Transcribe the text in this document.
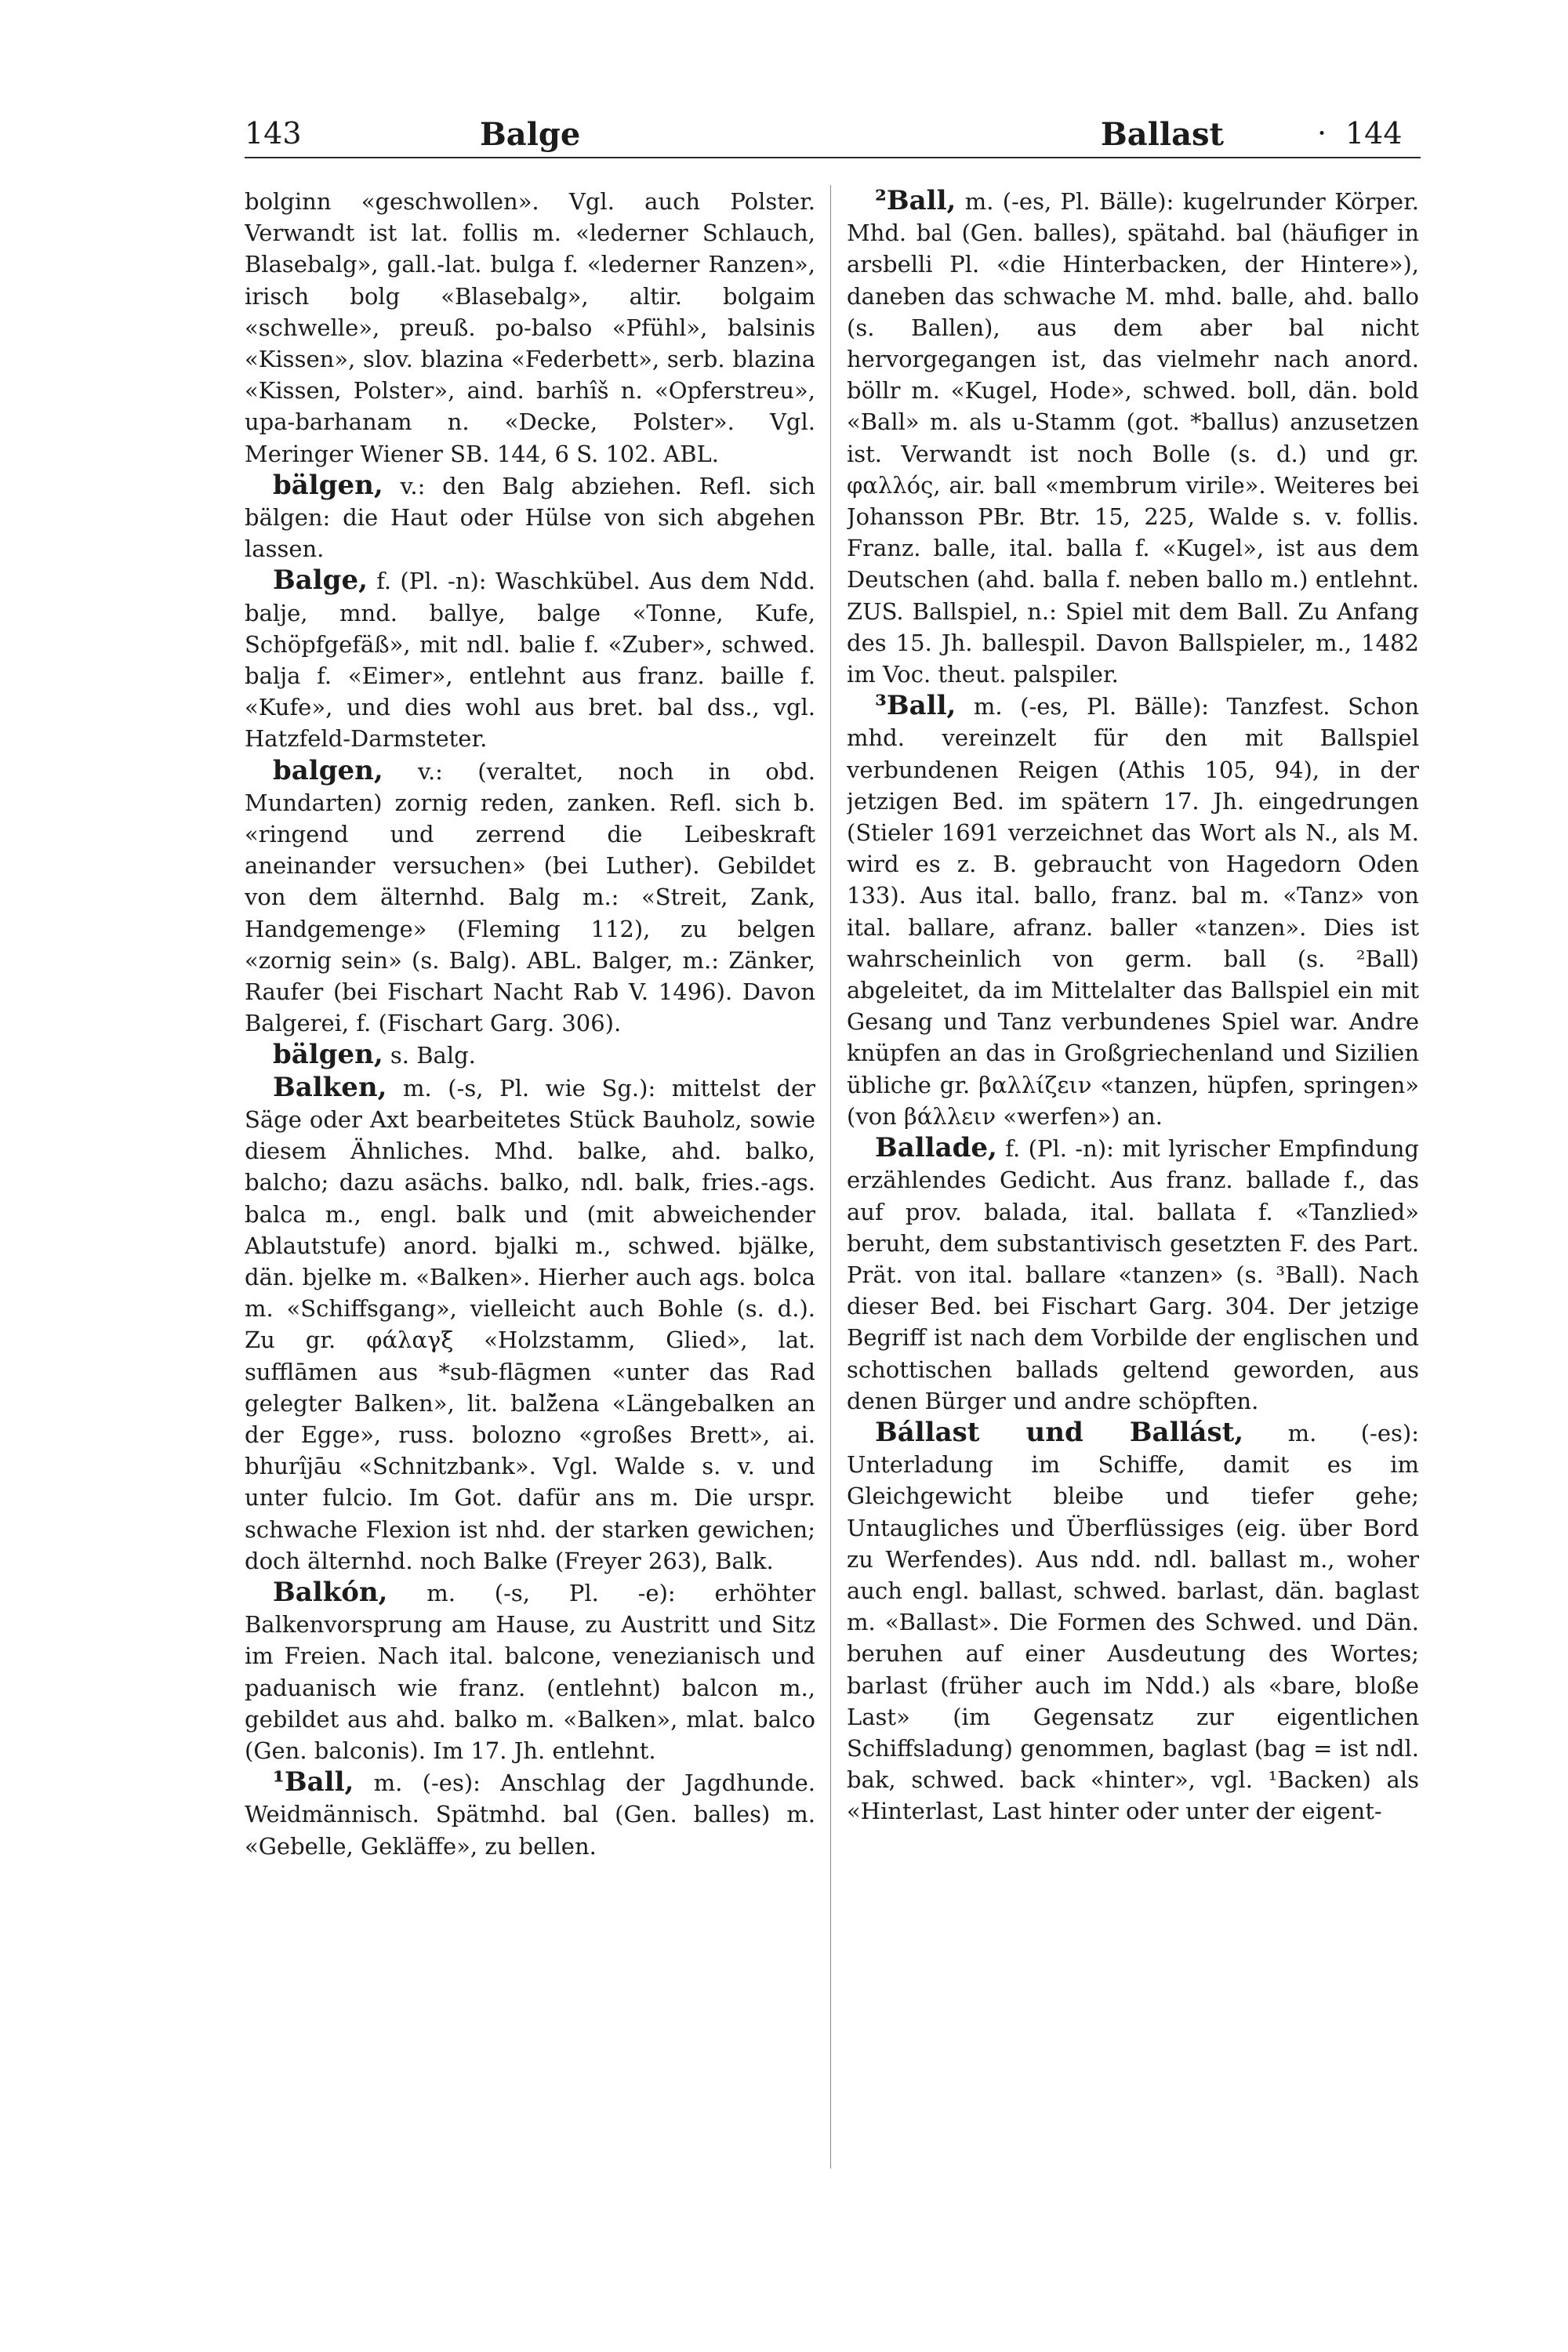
143	Balge	Ballast	· 144

bolginn «geschwollen». Vgl. auch Polster. Verwandt ist lat. follis m. «lederner Schlauch, Blasebalg», gall.-lat. bulga f. «lederner Ranzen», irisch bolg «Blasebalg», altir. bolgaim «schwelle», preuß. po-balso «Pfühl», balsinis «Kissen», slov. blazina «Federbett», serb. blazina «Kissen, Polster», aind. barhîš n. «Opferstreu», upa-barhanam n. «Decke, Polster». Vgl. Meringer Wiener SB. 144, 6 S. 102. ABL.

bälgen, v.: den Balg abziehen. Refl. sich bälgen: die Haut oder Hülse von sich abgehen lassen.

Balge, f. (Pl. -n): Waschkübel. Aus dem Ndd. balje, mnd. ballye, balge «Tonne, Kufe, Schöpfgefäß», mit ndl. balie f. «Zuber», schwed. balja f. «Eimer», entlehnt aus franz. baille f. «Kufe», und dies wohl aus bret. bal dss., vgl. Hatzfeld-Darmsteter.

balgen, v.: (veraltet, noch in obd. Mundarten) zornig reden, zanken. Refl. sich b. «ringend und zerrend die Leibeskraft aneinander versuchen» (bei Luther). Gebildet von dem älternhd. Balg m.: «Streit, Zank, Handgemenge» (Fleming 112), zu belgen «zornig sein» (s. Balg). ABL. Balger, m.: Zänker, Raufer (bei Fischart Nacht Rab V. 1496). Davon Balgerei, f. (Fischart Garg. 306).

bälgen, s. Balg.

Balken, m. (-s, Pl. wie Sg.): mittelst der Säge oder Axt bearbeitetes Stück Bauholz, sowie diesem Ähnliches. Mhd. balke, ahd. balko, balcho; dazu asächs. balko, ndl. balk, fries.-ags. balca m., engl. balk und (mit abweichender Ablautstufe) anord. bjalki m., schwed. bjälke, dän. bjelke m. «Balken». Hierher auch ags. bolca m. «Schiffsgang», vielleicht auch Bohle (s. d.). Zu gr. φάλαγξ «Holzstamm, Glied», lat. sufflāmen aus *sub-flāgmen «unter das Rad gelegter Balken», lit. balž̃ena «Längebalken an der Egge», russ. bolozno «großes Brett», ai. bhurîjāu «Schnitzbank». Vgl. Walde s. v. und unter fulcio. Im Got. dafür ans m. Die urspr. schwache Flexion ist nhd. der starken gewichen; doch älternhd. noch Balke (Freyer 263), Balk.

Balkón, m. (-s, Pl. -e): erhöhter Balkenvorsprung am Hause, zu Austritt und Sitz im Freien. Nach ital. balcone, venezianisch und paduanisch wie franz. (entlehnt) balcon m., gebildet aus ahd. balko m. «Balken», mlat. balco (Gen. balconis). Im 17. Jh. entlehnt.

¹Ball, m. (-es): Anschlag der Jagdhunde. Weidmännisch. Spätmhd. bal (Gen. balles) m. «Gebelle, Gekläffe», zu bellen.

²Ball, m. (-es, Pl. Bälle): kugelrunder Körper. Mhd. bal (Gen. balles), spätahd. bal (häufiger in arsbelli Pl. «die Hinterbacken, der Hintere»), daneben das schwache M. mhd. balle, ahd. ballo (s. Ballen), aus dem aber bal nicht hervorgegangen ist, das vielmehr nach anord. böllr m. «Kugel, Hode», schwed. boll, dän. bold «Ball» m. als u-Stamm (got. *ballus) anzusetzen ist. Verwandt ist noch Bolle (s. d.) und gr. φαλλός, air. ball «membrum virile». Weiteres bei Johansson PBr. Btr. 15, 225, Walde s. v. follis. Franz. balle, ital. balla f. «Kugel», ist aus dem Deutschen (ahd. balla f. neben ballo m.) entlehnt. ZUS. Ballspiel, n.: Spiel mit dem Ball. Zu Anfang des 15. Jh. ballespil. Davon Ballspieler, m., 1482 im Voc. theut. palspiler.

³Ball, m. (-es, Pl. Bälle): Tanzfest. Schon mhd. vereinzelt für den mit Ballspiel verbundenen Reigen (Athis 105, 94), in der jetzigen Bed. im spätern 17. Jh. eingedrungen (Stieler 1691 verzeichnet das Wort als N., als M. wird es z. B. gebraucht von Hagedorn Oden 133). Aus ital. ballo, franz. bal m. «Tanz» von ital. ballare, afranz. baller «tanzen». Dies ist wahrscheinlich von germ. ball (s. ²Ball) abgeleitet, da im Mittelalter das Ballspiel ein mit Gesang und Tanz verbundenes Spiel war. Andre knüpfen an das in Großgriechenland und Sizilien übliche gr. βαλλίζειν «tanzen, hüpfen, springen» (von βάλλειν «werfen») an.

Ballade, f. (Pl. -n): mit lyrischer Empfindung erzählendes Gedicht. Aus franz. ballade f., das auf prov. balada, ital. ballata f. «Tanzlied» beruht, dem substantivisch gesetzten F. des Part. Prät. von ital. ballare «tanzen» (s. ³Ball). Nach dieser Bed. bei Fischart Garg. 304. Der jetzige Begriff ist nach dem Vorbilde der englischen und schottischen ballads geltend geworden, aus denen Bürger und andre schöpften.

Bállast und Ballást, m. (-es): Unterladung im Schiffe, damit es im Gleichgewicht bleibe und tiefer gehe; Untaugliches und Überflüssiges (eig. über Bord zu Werfendes). Aus ndd. ndl. ballast m., woher auch engl. ballast, schwed. barlast, dän. baglast m. «Ballast». Die Formen des Schwed. und Dän. beruhen auf einer Ausdeutung des Wortes; barlast (früher auch im Ndd.) als «bare, bloße Last» (im Gegensatz zur eigentlichen Schiffsladung) genommen, baglast (bag = ist ndl. bak, schwed. back «hinter», vgl. ¹Backen) als «Hinterlast, Last hinter oder unter der eigent-
